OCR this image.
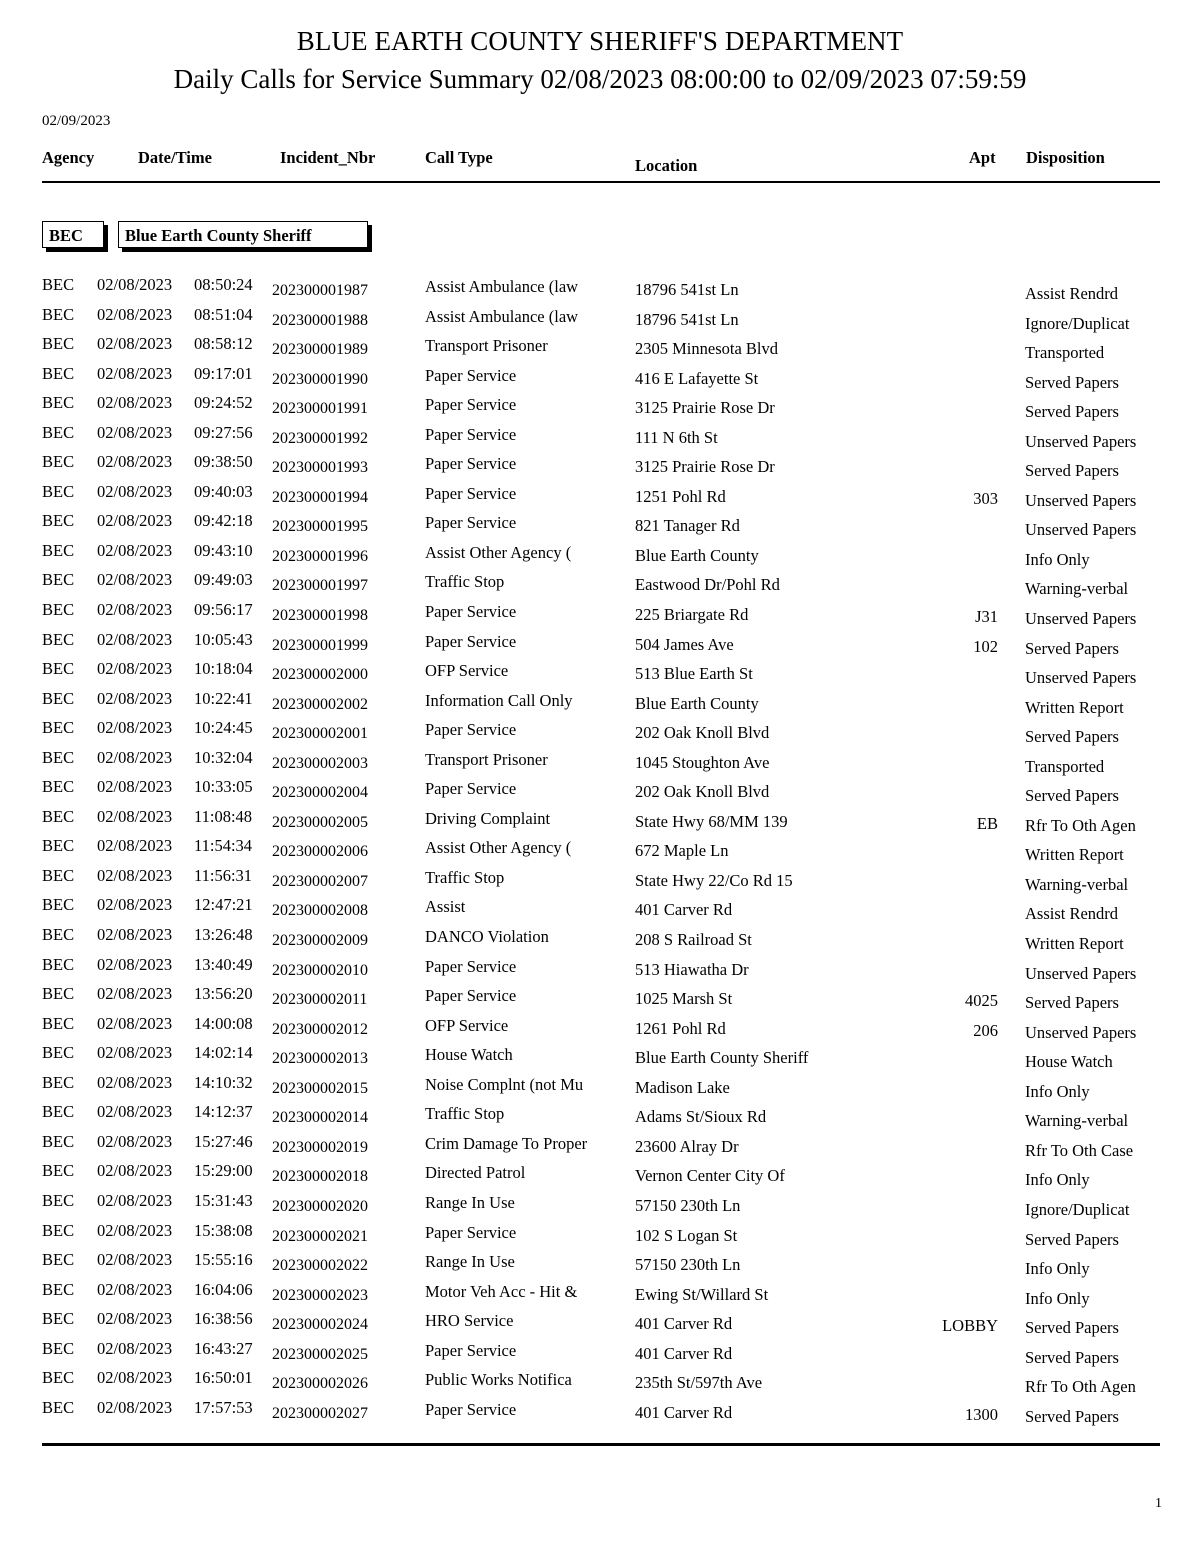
BLUE EARTH COUNTY SHERIFF'S DEPARTMENT
Daily Calls for Service Summary 02/08/2023 08:00:00 to 02/09/2023 07:59:59
02/09/2023
Agency	Date/Time	Incident_Nbr	Call Type	Location	Apt Disposition
BEC	Blue Earth County Sheriff
BEC 02/08/2023 08:50:24 202300001987	Assist Ambulance (law	18796 541st Ln	Assist Rendrd
BEC 02/08/2023 08:51:04 202300001988	Assist Ambulance (law	18796 541st Ln	Ignore/Duplicat
BEC 02/08/2023 08:58:12 202300001989	Transport Prisoner	2305 Minnesota Blvd	Transported
BEC 02/08/2023 09:17:01 202300001990	Paper Service	416 E Lafayette St	Served Papers
BEC 02/08/2023 09:24:52 202300001991	Paper Service	3125 Prairie Rose Dr	Served Papers
BEC 02/08/2023 09:27:56 202300001992	Paper Service	111 N 6th St	Unserved Papers
BEC 02/08/2023 09:38:50 202300001993	Paper Service	3125 Prairie Rose Dr	Served Papers
BEC 02/08/2023 09:40:03 202300001994	Paper Service	1251 Pohl Rd	303 Unserved Papers
BEC 02/08/2023 09:42:18 202300001995	Paper Service	821 Tanager Rd	Unserved Papers
BEC 02/08/2023 09:43:10 202300001996	Assist Other Agency (	Blue Earth County	Info Only
BEC 02/08/2023 09:49:03 202300001997	Traffic Stop	Eastwood Dr/Pohl Rd	Warning-verbal
BEC 02/08/2023 09:56:17 202300001998	Paper Service	225 Briargate Rd	J31 Unserved Papers
BEC 02/08/2023 10:05:43 202300001999	Paper Service	504 James Ave	102 Served Papers
BEC 02/08/2023 10:18:04 202300002000	OFP Service	513 Blue Earth St	Unserved Papers
BEC 02/08/2023 10:22:41 202300002002	Information Call Only	Blue Earth County	Written Report
BEC 02/08/2023 10:24:45 202300002001	Paper Service	202 Oak Knoll Blvd	Served Papers
BEC 02/08/2023 10:32:04 202300002003	Transport Prisoner	1045 Stoughton Ave	Transported
BEC 02/08/2023 10:33:05 202300002004	Paper Service	202 Oak Knoll Blvd	Served Papers
BEC 02/08/2023 11:08:48 202300002005	Driving Complaint	State Hwy 68/MM 139	EB Rfr To Oth Agen
BEC 02/08/2023 11:54:34 202300002006	Assist Other Agency (	672 Maple Ln	Written Report
BEC 02/08/2023 11:56:31 202300002007	Traffic Stop	State Hwy 22/Co Rd 15	Warning-verbal
BEC 02/08/2023 12:47:21 202300002008	Assist	401 Carver Rd	Assist Rendrd
BEC 02/08/2023 13:26:48 202300002009	DANCO Violation	208 S Railroad St	Written Report
BEC 02/08/2023 13:40:49 202300002010	Paper Service	513 Hiawatha Dr	Unserved Papers
BEC 02/08/2023 13:56:20 202300002011	Paper Service	1025 Marsh St	4025 Served Papers
BEC 02/08/2023 14:00:08 202300002012	OFP Service	1261 Pohl Rd	206 Unserved Papers
BEC 02/08/2023 14:02:14 202300002013	House Watch	Blue Earth County Sheriff	House Watch
BEC 02/08/2023 14:10:32 202300002015	Noise Complnt (not Mu	Madison Lake	Info Only
BEC 02/08/2023 14:12:37 202300002014	Traffic Stop	Adams St/Sioux Rd	Warning-verbal
BEC 02/08/2023 15:27:46 202300002019	Crim Damage To Proper	23600 Alray Dr	Rfr To Oth Case
BEC 02/08/2023 15:29:00 202300002018	Directed Patrol	Vernon Center City Of	Info Only
BEC 02/08/2023 15:31:43 202300002020	Range In Use	57150 230th Ln	Ignore/Duplicat
BEC 02/08/2023 15:38:08 202300002021	Paper Service	102 S Logan St	Served Papers
BEC 02/08/2023 15:55:16 202300002022	Range In Use	57150 230th Ln	Info Only
BEC 02/08/2023 16:04:06 202300002023	Motor Veh Acc - Hit &	Ewing St/Willard St	Info Only
BEC 02/08/2023 16:38:56 202300002024	HRO Service	401 Carver Rd	LOBBY Served Papers
BEC 02/08/2023 16:43:27 202300002025	Paper Service	401 Carver Rd	Served Papers
BEC 02/08/2023 16:50:01 202300002026	Public Works Notifica	235th St/597th Ave	Rfr To Oth Agen
BEC 02/08/2023 17:57:53 202300002027	Paper Service	401 Carver Rd	1300 Served Papers
1
